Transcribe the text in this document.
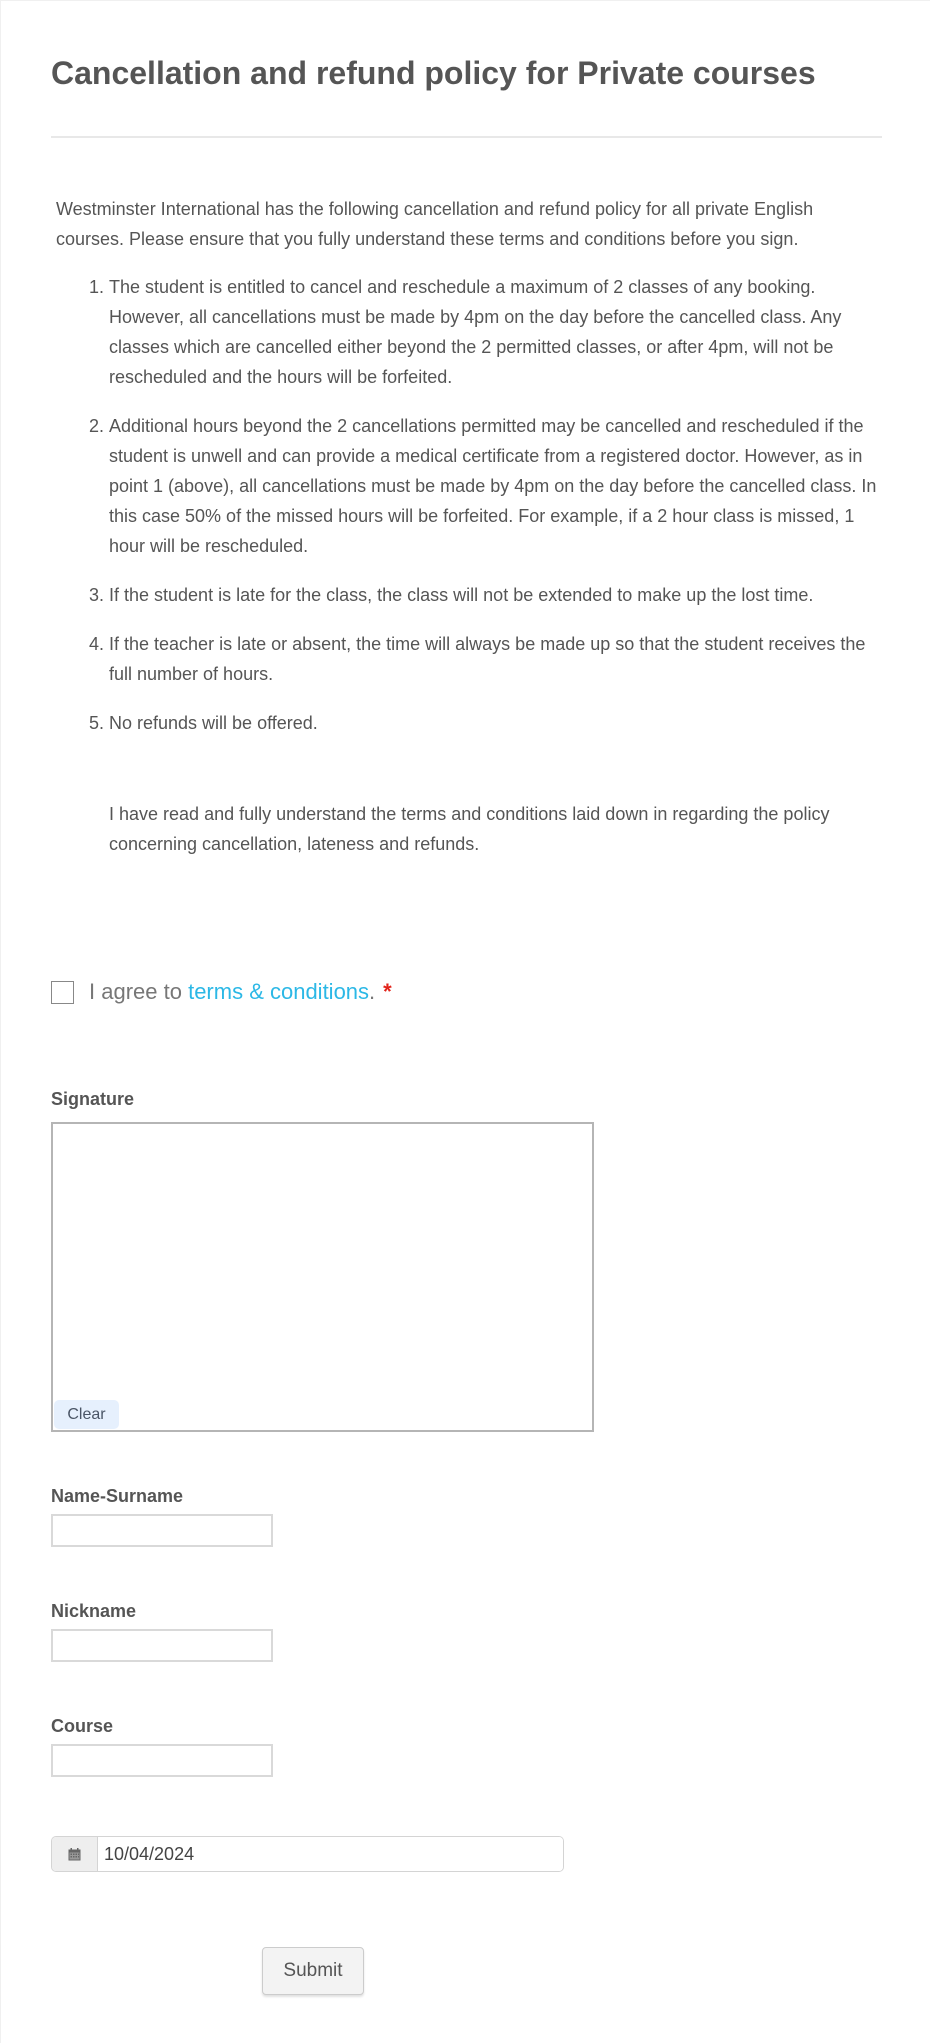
Cancellation and refund policy for Private courses

Westminster International has the following cancellation and refund policy for all private English courses. Please ensure that you fully understand these terms and conditions before you sign.

1. The student is entitled to cancel and reschedule a maximum of 2 classes of any booking. However, all cancellations must be made by 4pm on the day before the cancelled class. Any classes which are cancelled either beyond the 2 permitted classes, or after 4pm, will not be rescheduled and the hours will be forfeited.
2. Additional hours beyond the 2 cancellations permitted may be cancelled and rescheduled if the student is unwell and can provide a medical certificate from a registered doctor. However, as in point 1 (above), all cancellations must be made by 4pm on the day before the cancelled class. In this case 50% of the missed hours will be forfeited. For example, if a 2 hour class is missed, 1 hour will be rescheduled.
3. If the student is late for the class, the class will not be extended to make up the lost time.
4. If the teacher is late or absent, the time will always be made up so that the student receives the full number of hours.
5. No refunds will be offered.

I have read and fully understand the terms and conditions laid down in regarding the policy concerning cancellation, lateness and refunds.

I agree to terms & conditions . *
Signature
Clear
Name-Surname
Nickname
Course
10/04/2024
Submit
